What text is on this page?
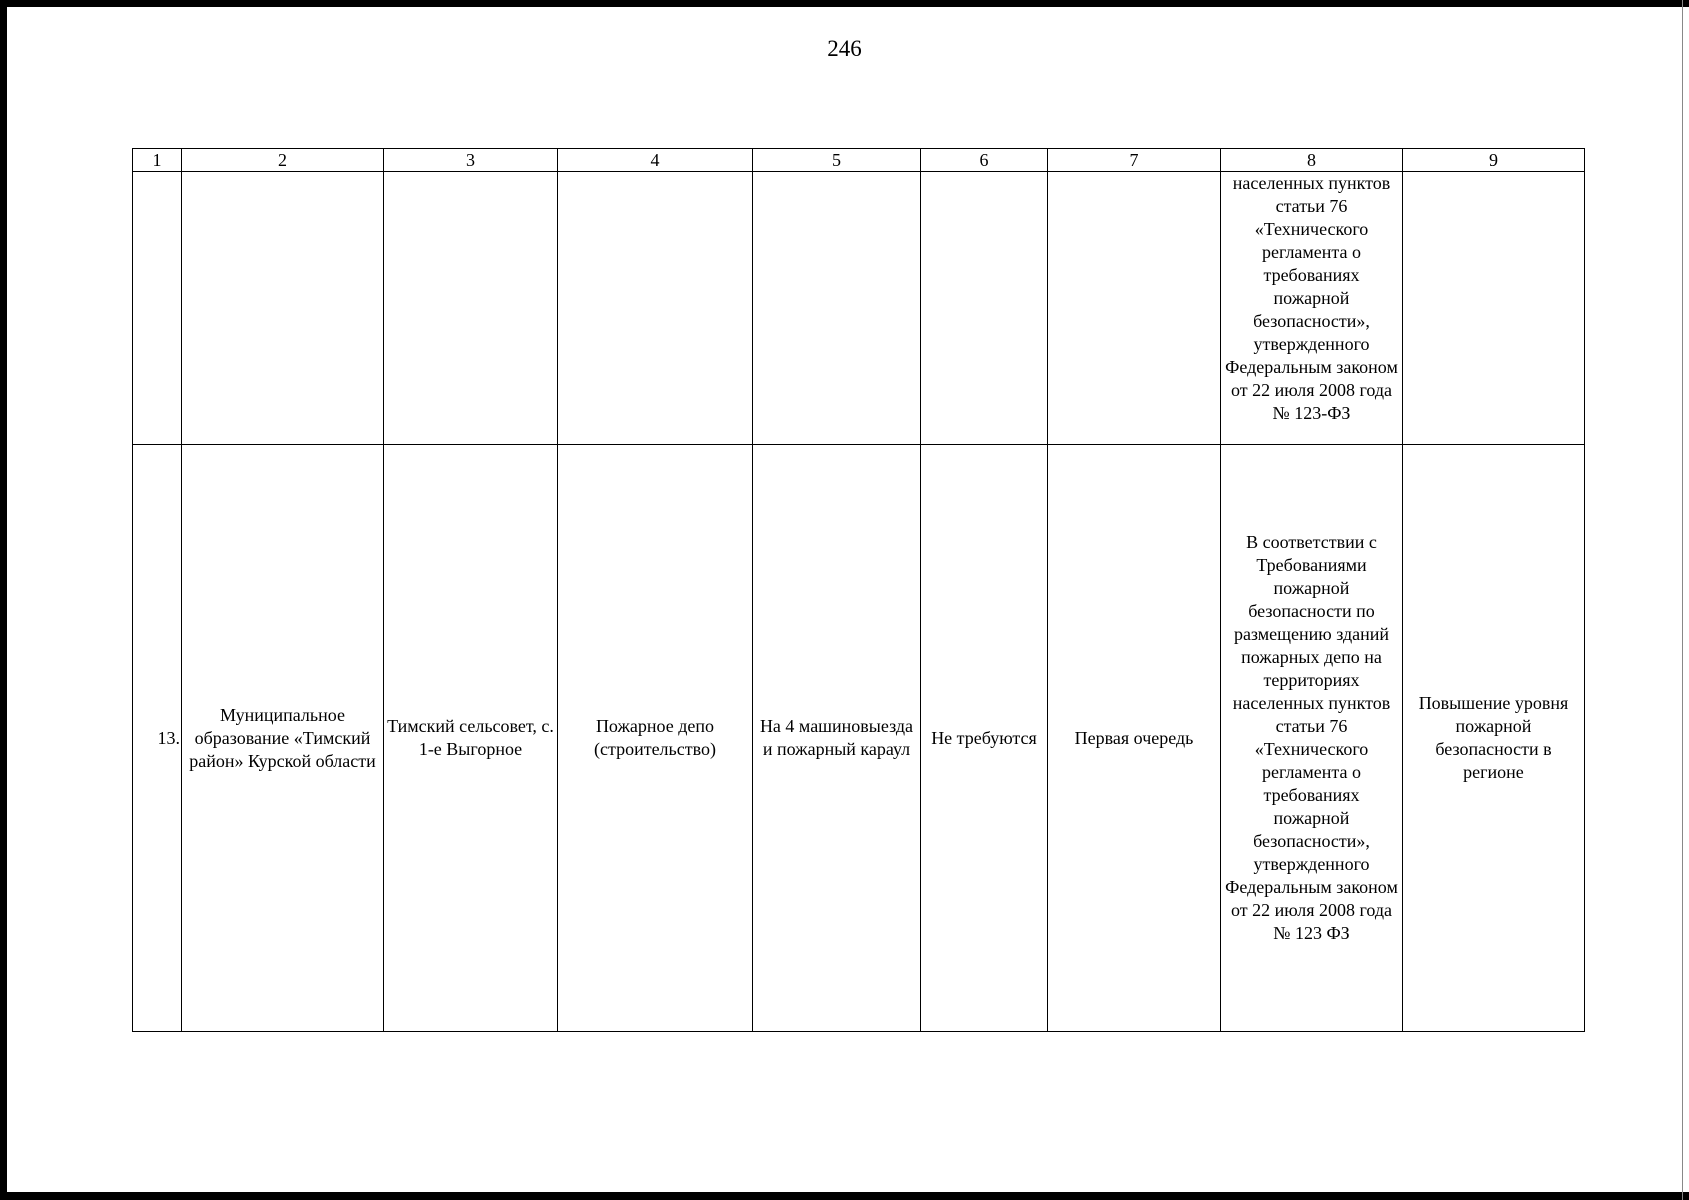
246
1	2	3	4	5	6	7	8	9
							населенных пунктов статьи 76 «Технического регламента о требованиях пожарной безопасности», утвержденного Федеральным законом от 22 июля 2008 года № 123-ФЗ	
13.	Муниципальное образование «Тимский район» Курской области	Тимский сельсовет, с. 1-е Выгорное	Пожарное депо (строительство)	На 4 машиновыезда и пожарный караул	Не требуются	Первая очередь	В соответствии с Требованиями пожарной безопасности по размещению зданий пожарных депо на территориях населенных пунктов статьи 76 «Технического регламента о требованиях пожарной безопасности», утвержденного Федеральным законом от 22 июля 2008 года № 123 ФЗ	Повышение уровня пожарной безопасности в регионе
